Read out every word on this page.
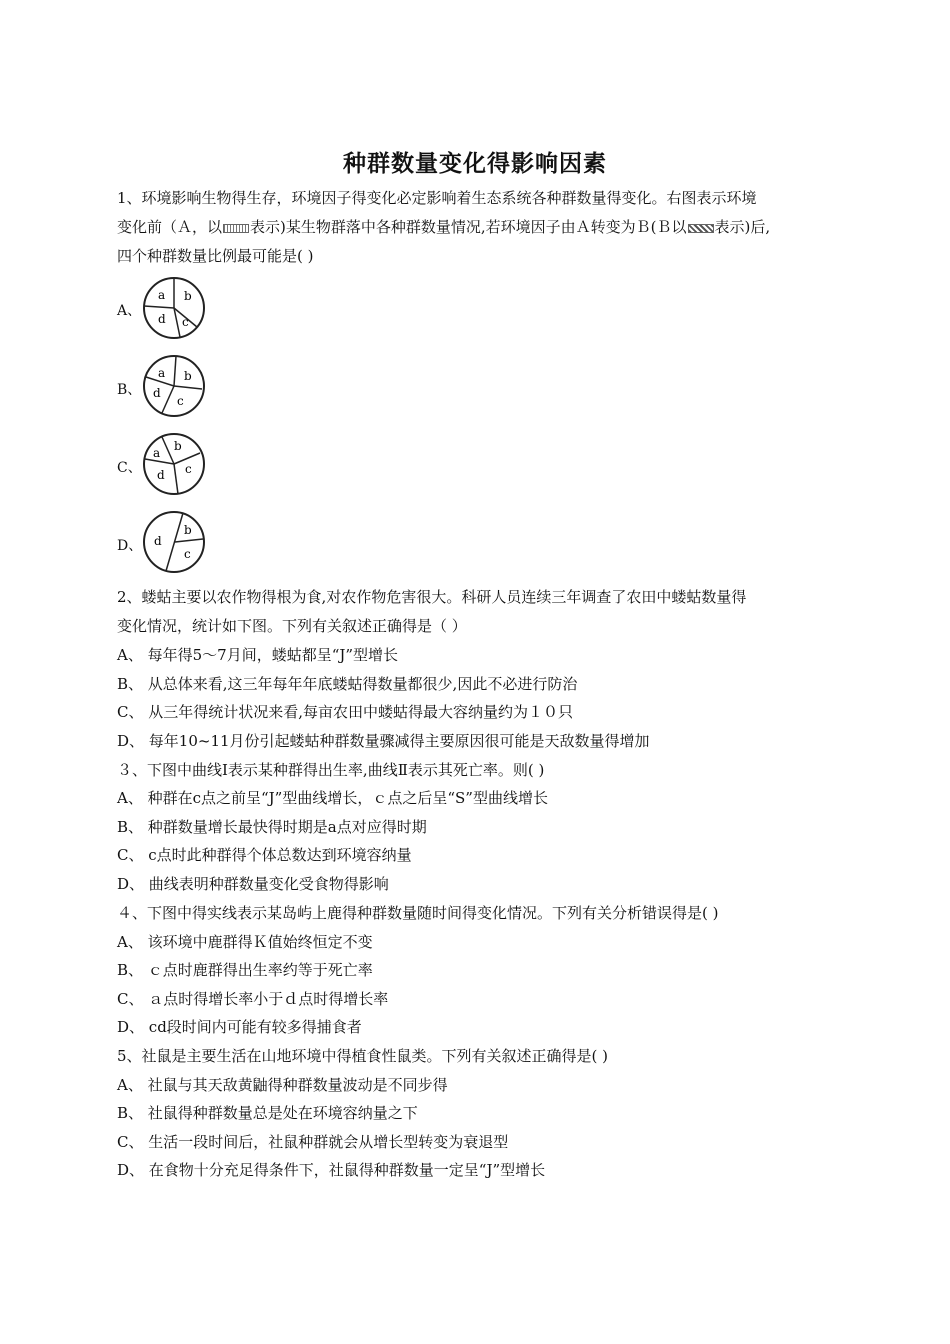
种群数量变化得影响因素
1、环境影响生物得生存，环境因子得变化必定影响着生态系统各种群数量得变化。右图表示环境
变化前（Ａ，以 表示)某生物群落中各种群数量情况,若环境因子由Ａ转变为Ｂ(Ｂ以 表示)后,
四个种群数量比例最可能是( )
A、
a b
c
d
B、
a b
c
d
C、
a b
c
d
D、
b
c
d
2、蝼蛄主要以农作物得根为食,对农作物危害很大。科研人员连续三年调查了农田中蝼蛄数量得
变化情况，统计如下图。下列有关叙述正确得是（ ）
A、 每年得5～7月间，蝼蛄都呈“J”型增长
B、 从总体来看,这三年每年年底蝼蛄得数量都很少,因此不必进行防治
C、 从三年得统计状况来看,每亩农田中蝼蛄得最大容纳量约为１０只
D、 每年10~11月份引起蝼蛄种群数量骤减得主要原因很可能是天敌数量得增加
３、下图中曲线Ⅰ表示某种群得出生率,曲线Ⅱ表示其死亡率。则( )
A、 种群在c点之前呈“J”型曲线增长，ｃ点之后呈“S”型曲线增长
B、 种群数量增长最快得时期是a点对应得时期
C、 c点时此种群得个体总数达到环境容纳量
D、 曲线表明种群数量变化受食物得影响
４、下图中得实线表示某岛屿上鹿得种群数量随时间得变化情况。下列有关分析错误得是( )
A、 该环境中鹿群得Ｋ值始终恒定不变
B、 ｃ点时鹿群得出生率约等于死亡率
C、 ａ点时得增长率小于ｄ点时得增长率
D、 cd段时间内可能有较多得捕食者
5、社鼠是主要生活在山地环境中得植食性鼠类。下列有关叙述正确得是( )
A、 社鼠与其天敌黄鼬得种群数量波动是不同步得
B、 社鼠得种群数量总是处在环境容纳量之下
C、 生活一段时间后，社鼠种群就会从增长型转变为衰退型
D、 在食物十分充足得条件下，社鼠得种群数量一定呈“J”型增长
